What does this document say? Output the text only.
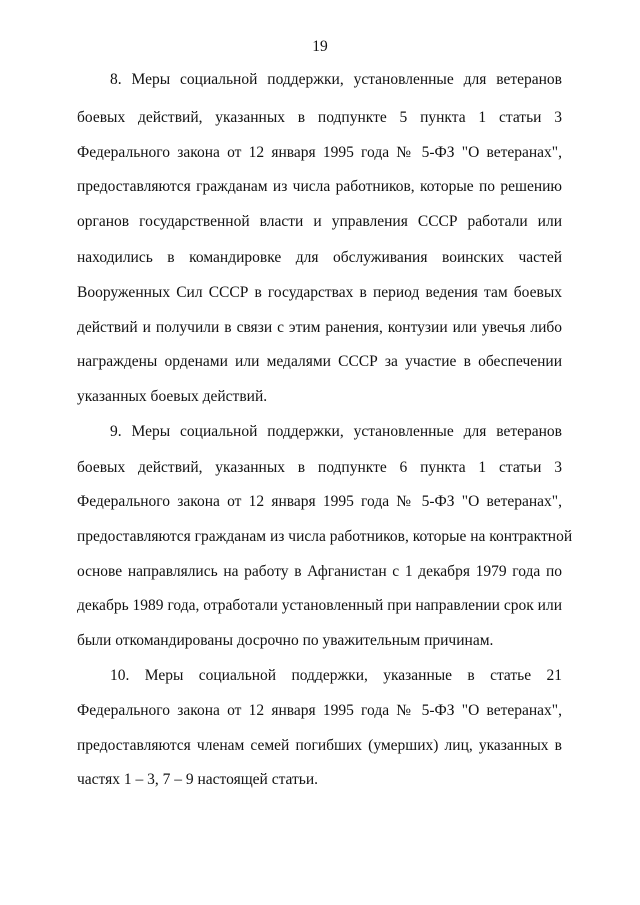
19
8. Меры социальной поддержки, установленные для ветеранов
боевых действий, указанных в подпункте 5 пункта 1 статьи 3
Федерального закона от 12 января 1995 года № 5-ФЗ "О ветеранах",
предоставляются гражданам из числа работников, которые по решению
органов государственной власти и управления СССР работали или
находились в командировке для обслуживания воинских частей
Вооруженных Сил СССР в государствах в период ведения там боевых
действий и получили в связи с этим ранения, контузии или увечья либо
награждены орденами или медалями СССР за участие в обеспечении
указанных боевых действий.
9. Меры социальной поддержки, установленные для ветеранов
боевых действий, указанных в подпункте 6 пункта 1 статьи 3
Федерального закона от 12 января 1995 года № 5-ФЗ "О ветеранах",
предоставляются гражданам из числа работников, которые на контрактной
основе направлялись на работу в Афганистан с 1 декабря 1979 года по
декабрь 1989 года, отработали установленный при направлении срок или
были откомандированы досрочно по уважительным причинам.
10. Меры социальной поддержки, указанные в статье 21
Федерального закона от 12 января 1995 года № 5-ФЗ "О ветеранах",
предоставляются членам семей погибших (умерших) лиц, указанных в
частях 1 – 3, 7 – 9 настоящей статьи.
